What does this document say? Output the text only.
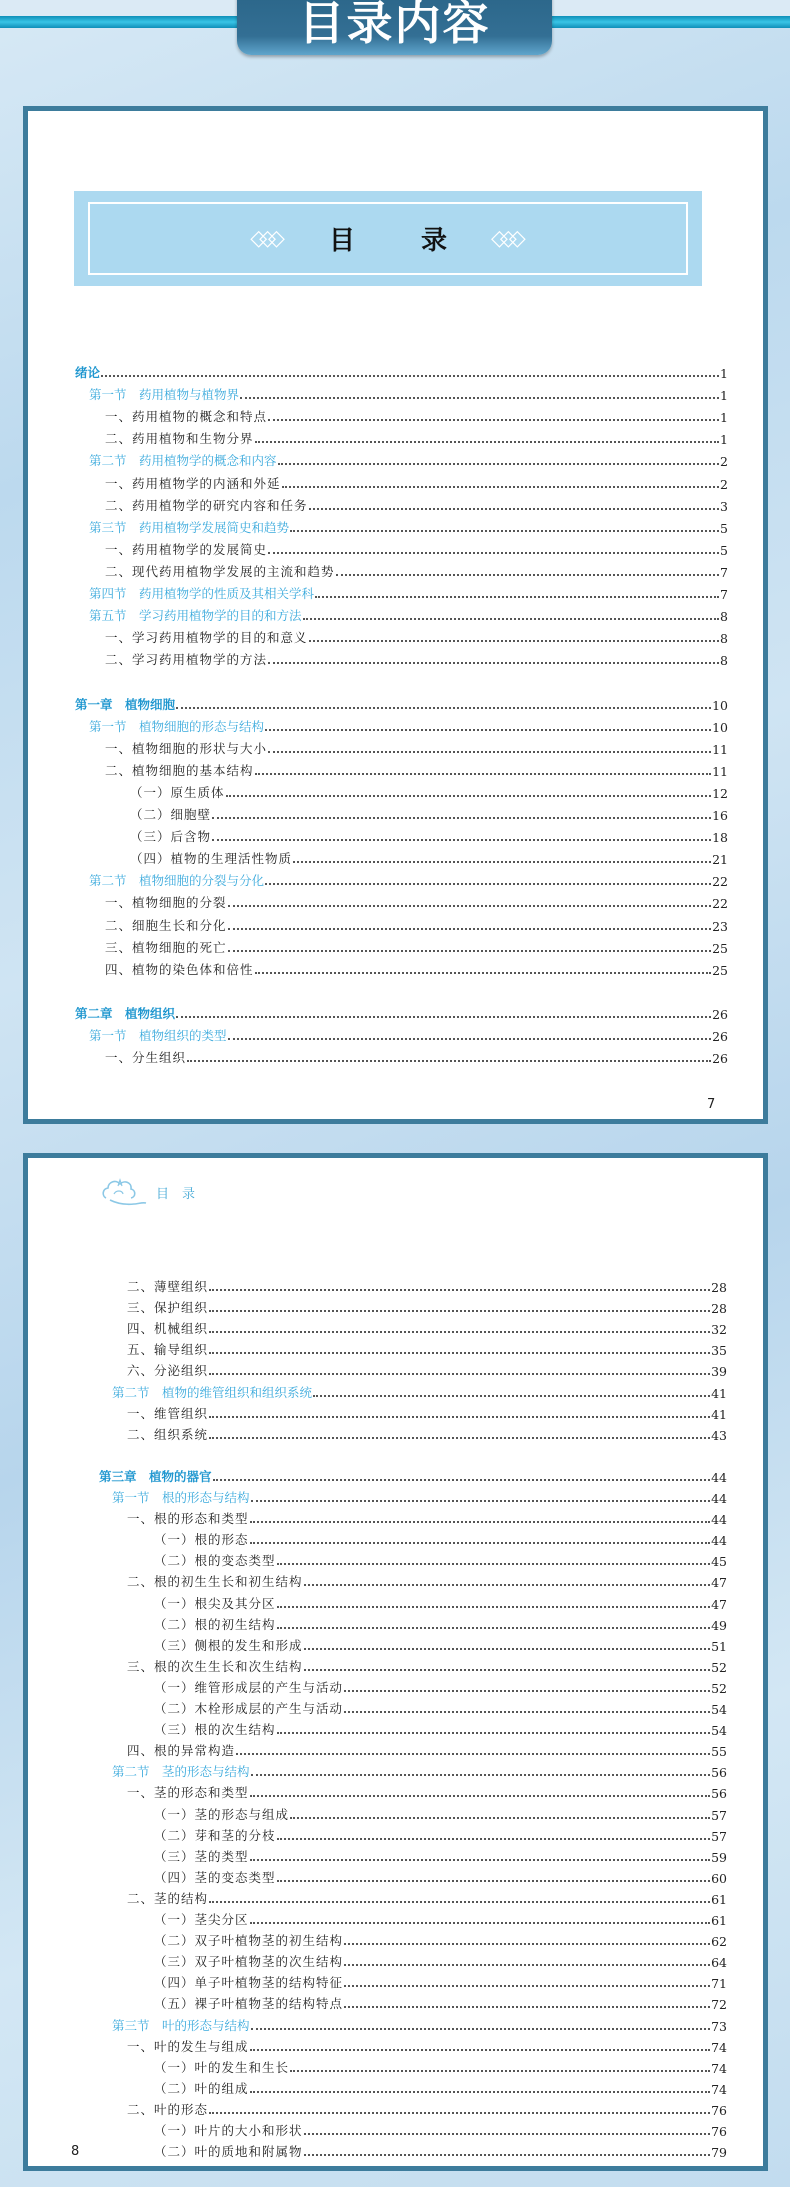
目录内容
◇◇◇	目　录 ◇◇◇
绪论	1
第一节　药用植物与植物界	1
一、药用植物的概念和特点	1
二、药用植物和生物分界	1
第二节　药用植物学的概念和内容	2
一、药用植物学的内涵和外延	2
二、药用植物学的研究内容和任务	3
第三节　药用植物学发展简史和趋势	5
一、药用植物学的发展简史	5
二、现代药用植物学发展的主流和趋势	7
第四节　药用植物学的性质及其相关学科	7
第五节　学习药用植物学的目的和方法	8
一、学习药用植物学的目的和意义	8
二、学习药用植物学的方法	8
第一章　植物细胞	10
第一节　植物细胞的形态与结构	10
一、植物细胞的形状与大小	11
二、植物细胞的基本结构	11
（一）原生质体	12
（二）细胞壁	16
（三）后含物	18
（四）植物的生理活性物质	21
第二节　植物细胞的分裂与分化	22
一、植物细胞的分裂	22
二、细胞生长和分化	23
三、植物细胞的死亡	25
四、植物的染色体和倍性	25
第二章　植物组织	26
第一节　植物组织的类型	26
一、分生组织	26
7
目　录
二、薄壁组织	28
三、保护组织	28
四、机械组织	32
五、输导组织	35
六、分泌组织	39
第二节　植物的维管组织和组织系统	41
一、维管组织	41
二、组织系统	43
第三章　植物的器官	44
第一节　根的形态与结构	44
一、根的形态和类型	44
（一）根的形态	44
（二）根的变态类型	45
二、根的初生生长和初生结构	47
（一）根尖及其分区	47
（二）根的初生结构	49
（三）侧根的发生和形成	51
三、根的次生生长和次生结构	52
（一）维管形成层的产生与活动	52
（二）木栓形成层的产生与活动	54
（三）根的次生结构	54
四、根的异常构造	55
第二节　茎的形态与结构	56
一、茎的形态和类型	56
（一）茎的形态与组成	57
（二）芽和茎的分枝	57
（三）茎的类型	59
（四）茎的变态类型	60
二、茎的结构	61
（一）茎尖分区	61
（二）双子叶植物茎的初生结构	62
（三）双子叶植物茎的次生结构	64
（四）单子叶植物茎的结构特征	71
（五）裸子叶植物茎的结构特点	72
第三节　叶的形态与结构	73
一、叶的发生与组成	74
（一）叶的发生和生长	74
（二）叶的组成	74
二、叶的形态	76
（一）叶片的大小和形状	76
（二）叶的质地和附属物	79
8
